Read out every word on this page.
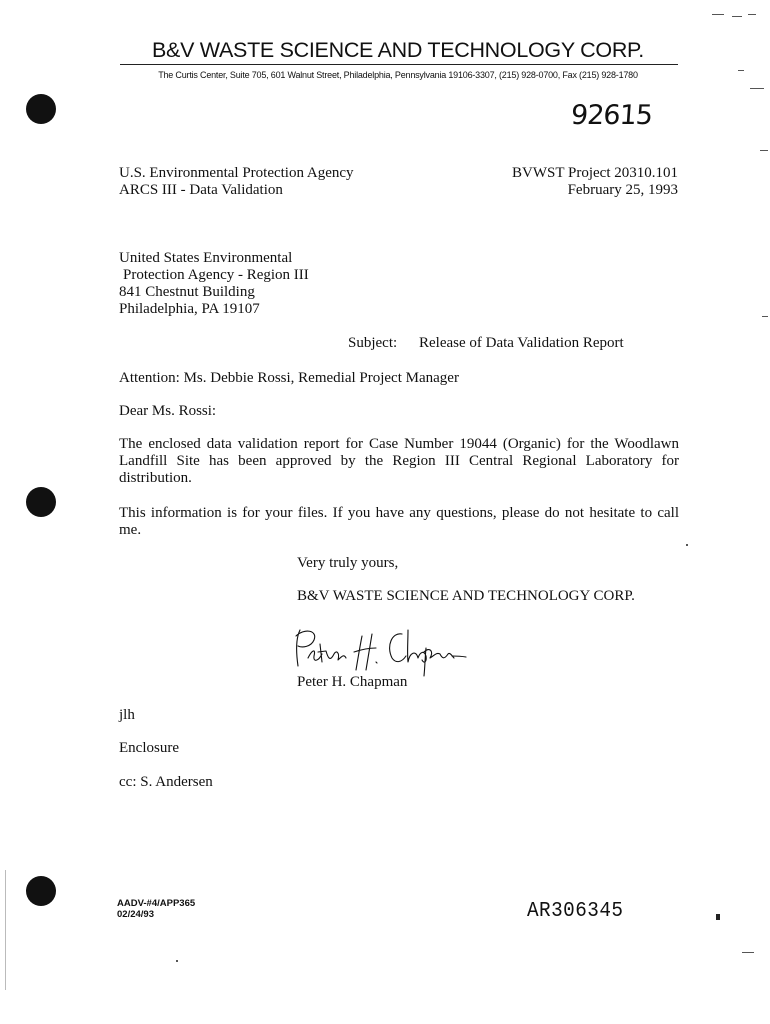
B&V WASTE SCIENCE AND TECHNOLOGY CORP.
The Curtis Center, Suite 705, 601 Walnut Street, Philadelphia, Pennsylvania 19106-3307, (215) 928-0700, Fax (215) 928-1780
92615
U.S. Environmental Protection Agency
ARCS III - Data Validation
BVWST Project 20310.101
February 25, 1993
United States Environmental
Protection Agency - Region III
841 Chestnut Building
Philadelphia, PA 19107
Subject: Release of Data Validation Report
Attention: Ms. Debbie Rossi, Remedial Project Manager
Dear Ms. Rossi:
The enclosed data validation report for Case Number 19044 (Organic) for the Woodlawn Landfill Site has been approved by the Region III Central Regional Laboratory for distribution.
This information is for your files. If you have any questions, please do not hesitate to call me.
Very truly yours,
B&V WASTE SCIENCE AND TECHNOLOGY CORP.
Peter H. Chapman
jlh
Enclosure
cc: S. Andersen
AADV-#4/APP365
02/24/93	AR306345
